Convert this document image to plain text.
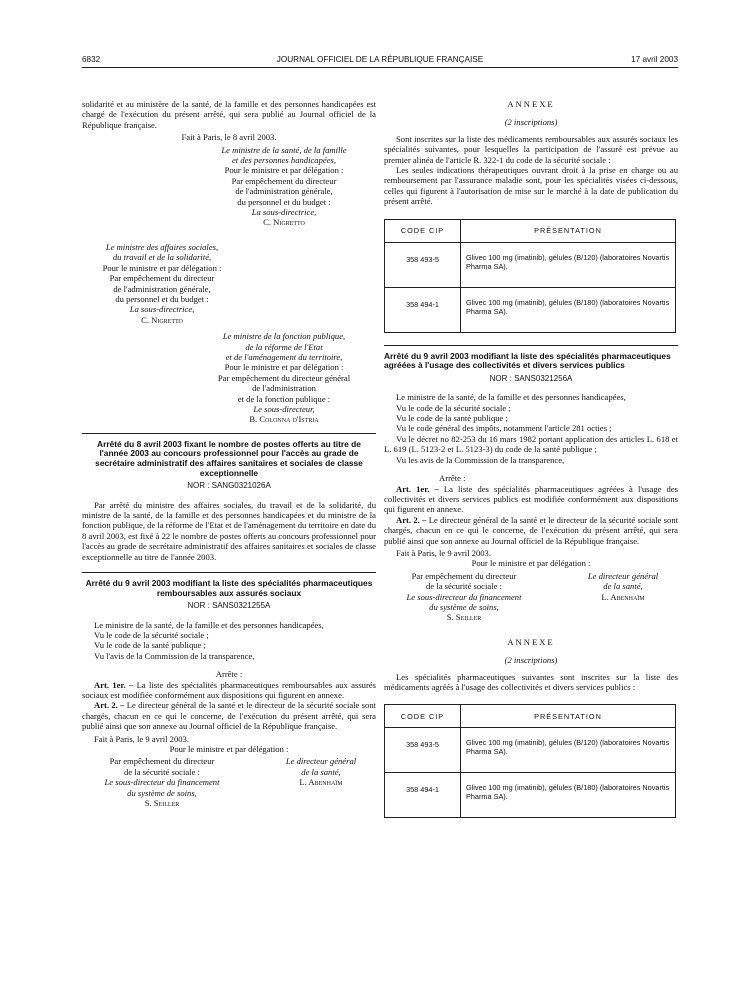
6832	JOURNAL OFFICIEL DE LA RÉPUBLIQUE FRANÇAISE	17 avril 2003

solidarité et au ministère de la santé, de la famille et des personnes handicapées est chargé de l'exécution du présent arrêté, qui sera publié au Journal officiel de la République française.

Fait à Paris, le 8 avril 2003.

Le ministre de la santé, de la famille
et des personnes handicapées,
Pour le ministre et par délégation :
Par empêchement du directeur
de l'administration générale,
du personnel et du budget :
La sous-directrice,
C. Nigretto
Le ministre des affaires sociales,
du travail et de la solidarité,
Pour le ministre et par délégation :
Par empêchement du directeur
de l'administration générale,
du personnel et du budget :
La sous-directrice,
C. Nigretto
Le ministre de la fonction publique,
de la réforme de l'Etat
et de l'aménagement du territoire,
Pour le ministre et par délégation :
Par empêchement du directeur général
de l'administration
et de la fonction publique :
Le sous-directeur,
B. Colonna d'Istria
Arrêté du 8 avril 2003 fixant le nombre de postes offerts au titre de l'année 2003 au concours professionnel pour l'accès au grade de secrétaire administratif des affaires sanitaires et sociales de classe exceptionnelle
NOR : SANG0321026A

Par arrêté du ministre des affaires sociales, du travail et de la solidarité, du ministre de la santé, de la famille et des personnes handicapées et du ministre de la fonction publique, de la réforme de l'Etat et de l'aménagement du territoire en date du 8 avril 2003, est fixé à 22 le nombre de postes offerts au concours professionnel pour l'accès au grade de secrétaire administratif des affaires sanitaires et sociales de classe exceptionnelle au titre de l'année 2003.

Arrêté du 9 avril 2003 modifiant la liste des spécialités pharmaceutiques remboursables aux assurés sociaux
NOR : SANS0321255A

Le ministre de la santé, de la famille et des personnes handicapées,

Vu le code de la sécurité sociale ;

Vu le code de la santé publique ;

Vu l'avis de la Commission de la transparence,

Arrête :

Art. 1er. – La liste des spécialités pharmaceutiques remboursables aux assurés sociaux est modifiée conformément aux dispositions qui figurent en annexe.

Art. 2. – Le directeur général de la santé et le directeur de la sécurité sociale sont chargés, chacun en ce qui le concerne, de l'exécution du présent arrêté, qui sera publié ainsi que son annexe au Journal officiel de la République française.

Fait à Paris, le 9 avril 2003.

Pour le ministre et par délégation :

Par empêchement du directeur
de la sécurité sociale :
Le sous-directeur du financement
du système de soins,
S. Seiller
Le directeur général
de la santé,
L. Abenhaïm
ANNEXE
(2 inscriptions)

Sont inscrites sur la liste des médicaments remboursables aux assurés sociaux les spécialités suivantes, pour lesquelles la participation de l'assuré est prévue au premier alinéa de l'article R. 322-1 du code de la sécurité sociale :

Les seules indications thérapeutiques ouvrant droit à la prise en charge ou au remboursement par l'assurance maladie sont, pour les spécialités visées ci-dessous, celles qui figurent à l'autorisation de mise sur le marché à la date de publication du présent arrêté.

CODE CIP	PRÉSENTATION
358 493-5	Glivec 100 mg (imatinib), gélules (B/120) (laboratoires Novartis Pharma SA).
358 494-1	Glivec 100 mg (imatinib), gélules (B/180) (laboratoires Novartis Pharma SA).
Arrêté du 9 avril 2003 modifiant la liste des spécialités pharmaceutiques agréées à l'usage des collectivités et divers services publics
NOR : SANS0321256A

Le ministre de la santé, de la famille et des personnes handicapées,

Vu le code de la sécurité sociale ;

Vu le code de la santé publique ;

Vu le code général des impôts, notamment l'article 281 octies ;

Vu le décret no 82-253 du 16 mars 1982 portant application des articles L. 618 et L. 619 (L. 5123-2 et L. 5123-3) du code de la santé publique ;

Vu les avis de la Commission de la transparence,

Arrête :

Art. 1er. – La liste des spécialités pharmaceutiques agréées à l'usage des collectivités et divers services publics est modifiée conformément aux dispositions qui figurent en annexe.

Art. 2. – Le directeur général de la santé et le directeur de la sécurité sociale sont chargés, chacun en ce qui le concerne, de l'exécution du présent arrêté, qui sera publié ainsi que son annexe au Journal officiel de la République française.

Fait à Paris, le 9 avril 2003.

Pour le ministre et par délégation :

Par empêchement du directeur
de la sécurité sociale :
Le sous-directeur du financement
du système de soins,
S. Seiller
Le directeur général
de la santé,
L. Abenhaïm
ANNEXE
(2 inscriptions)

Les spécialités pharmaceutiques suivantes sont inscrites sur la liste des médicaments agréés à l'usage des collectivités et divers services publics :

CODE CIP	PRÉSENTATION
358 493-5	Glivec 100 mg (imatinib), gélules (B/120) (laboratoires Novartis Pharma SA).
358 494-1	Glivec 100 mg (imatinib), gélules (B/180) (laboratoires Novartis Pharma SA).
